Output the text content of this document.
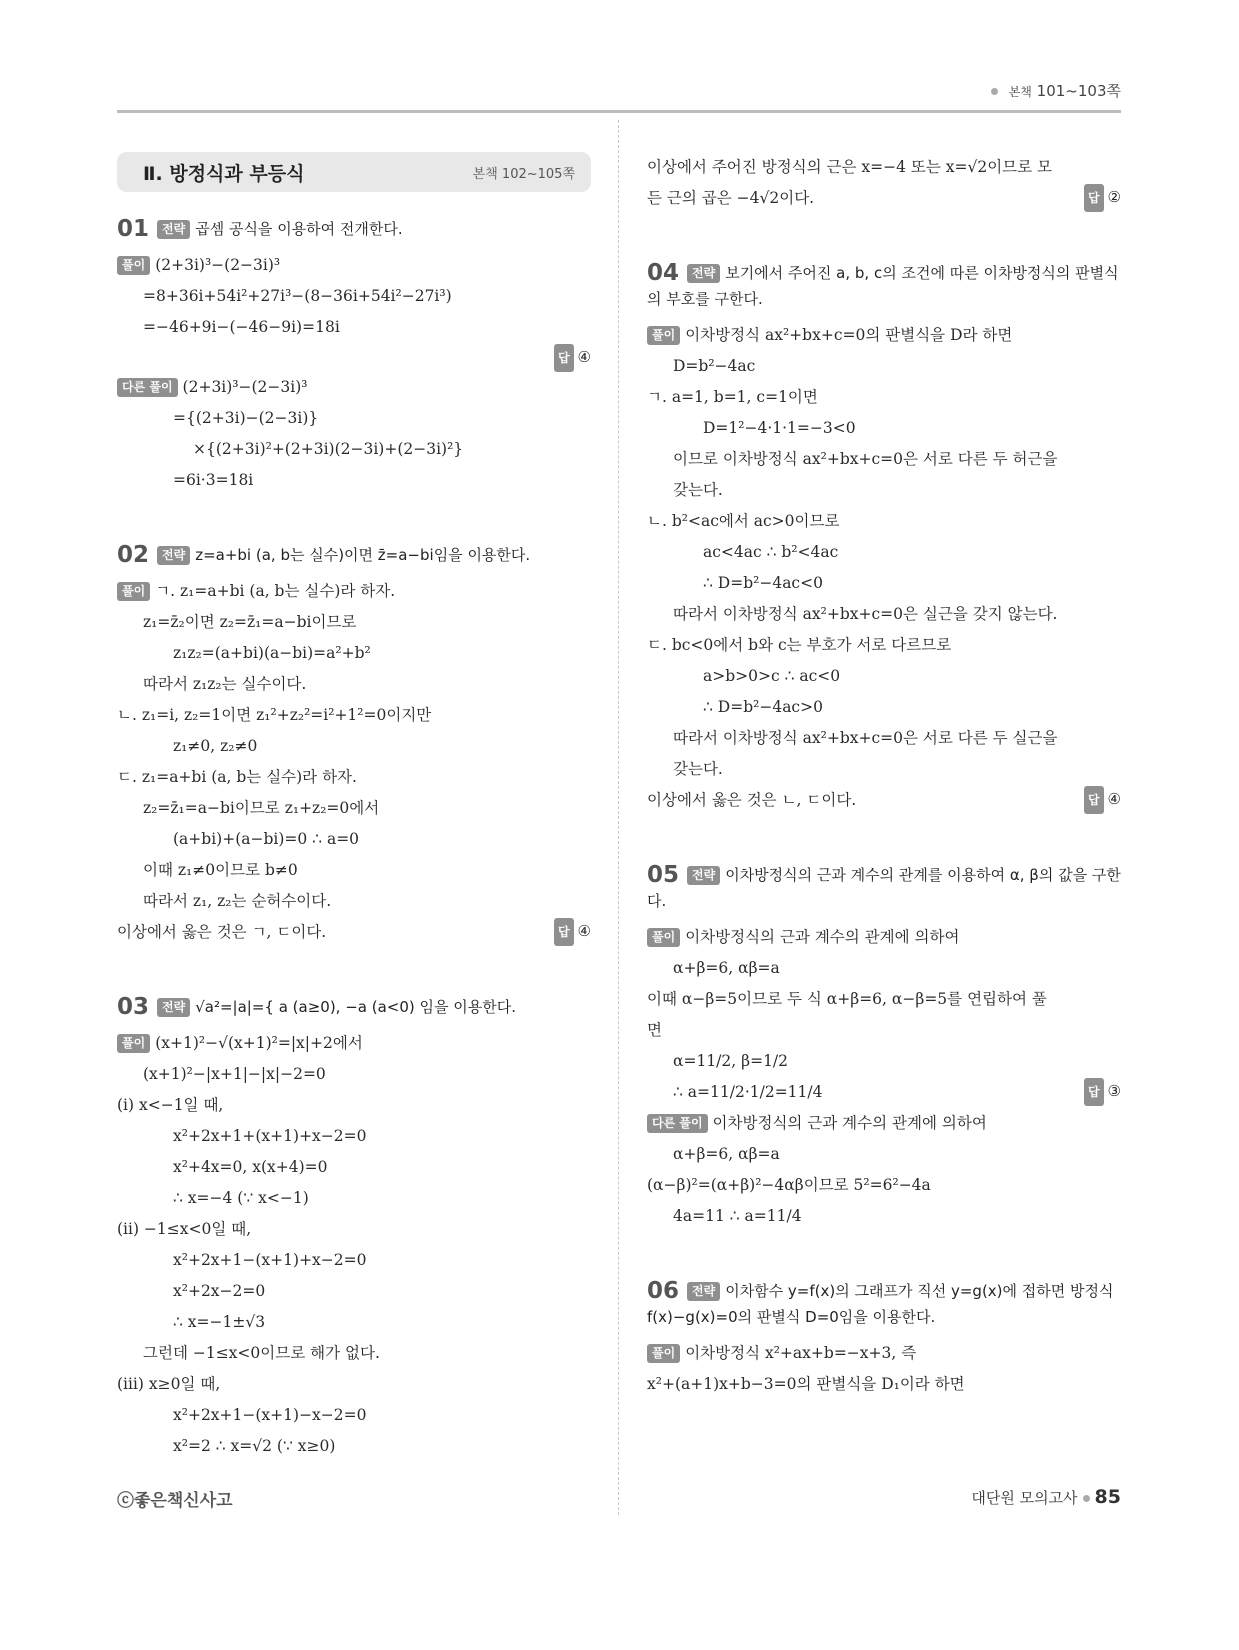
본책 101~103쪽
Ⅱ. 방정식과 부등식	본책 102~105쪽
01 전략 곱셈 공식을 이용하여 전개한다.
풀이 (2+3i)³−(2−3i)³
=8+36i+54i²+27i³−(8−36i+54i²−27i³)
=−46+9i−(−46−9i)=18i
답 ④
다른 풀이 (2+3i)³−(2−3i)³
={(2+3i)−(2−3i)}
×{(2+3i)²+(2+3i)(2−3i)+(2−3i)²}
=6i·3=18i
02 전략 z=a+bi (a, b는 실수)이면 z̄=a−bi임을 이용한다.
풀이 ㄱ. z₁=a+bi (a, b는 실수)라 하자.
z₁=z̄₂이면 z₂=z̄₁=a−bi이므로
z₁z₂=(a+bi)(a−bi)=a²+b²
따라서 z₁z₂는 실수이다.
ㄴ. z₁=i, z₂=1이면 z₁²+z₂²=i²+1²=0이지만
z₁≠0, z₂≠0
ㄷ. z₁=a+bi (a, b는 실수)라 하자.
z₂=z̄₁=a−bi이므로 z₁+z₂=0에서
(a+bi)+(a−bi)=0 ∴ a=0
이때 z₁≠0이므로 b≠0
따라서 z₁, z₂는 순허수이다.
이상에서 옳은 것은 ㄱ, ㄷ이다.	답 ④
03 전략 √a²=|a|={ a (a≥0), −a (a<0) 임을 이용한다.
풀이 (x+1)²−√(x+1)²=|x|+2에서
(x+1)²−|x+1|−|x|−2=0
(ⅰ) x<−1일 때,
x²+2x+1+(x+1)+x−2=0
x²+4x=0, x(x+4)=0
∴ x=−4 (∵ x<−1)
(ⅱ) −1≤x<0일 때,
x²+2x+1−(x+1)+x−2=0
x²+2x−2=0
∴ x=−1±√3
그런데 −1≤x<0이므로 해가 없다.
(ⅲ) x≥0일 때,
x²+2x+1−(x+1)−x−2=0
x²=2 ∴ x=√2 (∵ x≥0)
이상에서 주어진 방정식의 근은 x=−4 또는 x=√2이므로 모
든 근의 곱은 −4√2이다.	답 ②
04 전략 보기에서 주어진 a, b, c의 조건에 따른 이차방정식의 판별식의 부호를 구한다.
풀이 이차방정식 ax²+bx+c=0의 판별식을 D라 하면
D=b²−4ac
ㄱ. a=1, b=1, c=1이면
D=1²−4·1·1=−3<0
이므로 이차방정식 ax²+bx+c=0은 서로 다른 두 허근을
갖는다.
ㄴ. b²<ac에서 ac>0이므로
ac<4ac ∴ b²<4ac
∴ D=b²−4ac<0
따라서 이차방정식 ax²+bx+c=0은 실근을 갖지 않는다.
ㄷ. bc<0에서 b와 c는 부호가 서로 다르므로
a>b>0>c ∴ ac<0
∴ D=b²−4ac>0
따라서 이차방정식 ax²+bx+c=0은 서로 다른 두 실근을
갖는다.
이상에서 옳은 것은 ㄴ, ㄷ이다.	답 ④
05 전략 이차방정식의 근과 계수의 관계를 이용하여 α, β의 값을 구한다.
풀이 이차방정식의 근과 계수의 관계에 의하여
α+β=6, αβ=a
이때 α−β=5이므로 두 식 α+β=6, α−β=5를 연립하여 풀
면
α=11/2, β=1/2
∴ a=11/2·1/2=11/4	답 ③
다른 풀이 이차방정식의 근과 계수의 관계에 의하여
α+β=6, αβ=a
(α−β)²=(α+β)²−4αβ이므로 5²=6²−4a
4a=11 ∴ a=11/4
06 전략 이차함수 y=f(x)의 그래프가 직선 y=g(x)에 접하면 방정식 f(x)−g(x)=0의 판별식 D=0임을 이용한다.
풀이 이차방정식 x²+ax+b=−x+3, 즉
x²+(a+1)x+b−3=0의 판별식을 D₁이라 하면
ⓒ좋은책신사고	대단원 모의고사 85
